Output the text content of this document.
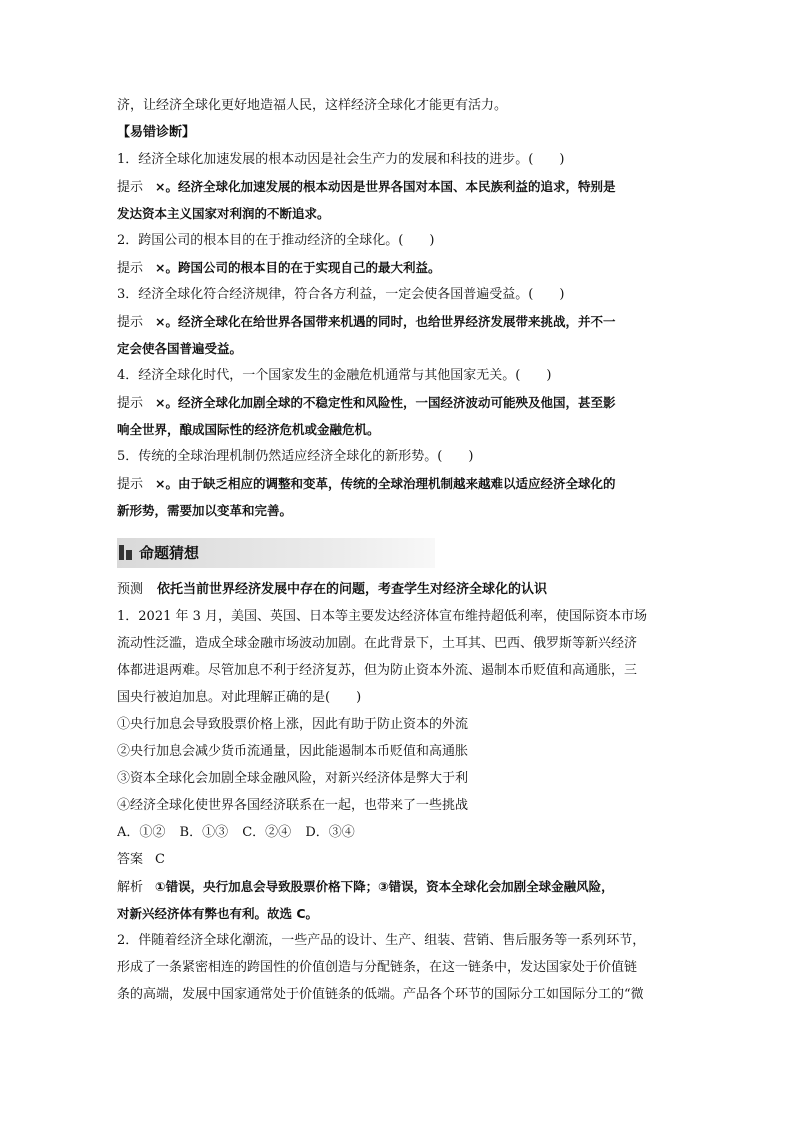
济，让经济全球化更好地造福人民，这样经济全球化才能更有活力。
【易错诊断】
1．经济全球化加速发展的根本动因是社会生产力的发展和科技的进步。(　　)
提示 ×。经济全球化加速发展的根本动因是世界各国对本国、本民族利益的追求，特别是
发达资本主义国家对利润的不断追求。
2．跨国公司的根本目的在于推动经济的全球化。(　　)
提示 ×。跨国公司的根本目的在于实现自己的最大利益。
3．经济全球化符合经济规律，符合各方利益，一定会使各国普遍受益。(　　)
提示 ×。经济全球化在给世界各国带来机遇的同时，也给世界经济发展带来挑战，并不一
定会使各国普遍受益。
4．经济全球化时代，一个国家发生的金融危机通常与其他国家无关。(　　)
提示 ×。经济全球化加剧全球的不稳定性和风险性，一国经济波动可能殃及他国，甚至影
响全世界，酿成国际性的经济危机或金融危机。
5．传统的全球治理机制仍然适应经济全球化的新形势。(　　)
提示 ×。由于缺乏相应的调整和变革，传统的全球治理机制越来越难以适应经济全球化的
新形势，需要加以变革和完善。
命题猜想
预测 依托当前世界经济发展中存在的问题，考查学生对经济全球化的认识
1．2021 年 3 月，美国、英国、日本等主要发达经济体宣布维持超低利率，使国际资本市场
流动性泛滥，造成全球金融市场波动加剧。在此背景下，土耳其、巴西、俄罗斯等新兴经济
体都进退两难。尽管加息不利于经济复苏，但为防止资本外流、遏制本币贬值和高通胀，三
国央行被迫加息。对此理解正确的是(　　)
①央行加息会导致股票价格上涨，因此有助于防止资本的外流
②央行加息会减少货币流通量，因此能遏制本币贬值和高通胀
③资本全球化会加剧全球金融风险，对新兴经济体是弊大于利
④经济全球化使世界各国经济联系在一起，也带来了一些挑战
A．①② B．①③ C．②④ D．③④
答案 C
解析 ①错误，央行加息会导致股票价格下降；③错误，资本全球化会加剧全球金融风险，
对新兴经济体有弊也有利。故选 C。
2．伴随着经济全球化潮流，一些产品的设计、生产、组装、营销、售后服务等一系列环节，
形成了一条紧密相连的跨国性的价值创造与分配链条，在这一链条中，发达国家处于价值链
条的高端，发展中国家通常处于价值链条的低端。产品各个环节的国际分工如国际分工的“微
